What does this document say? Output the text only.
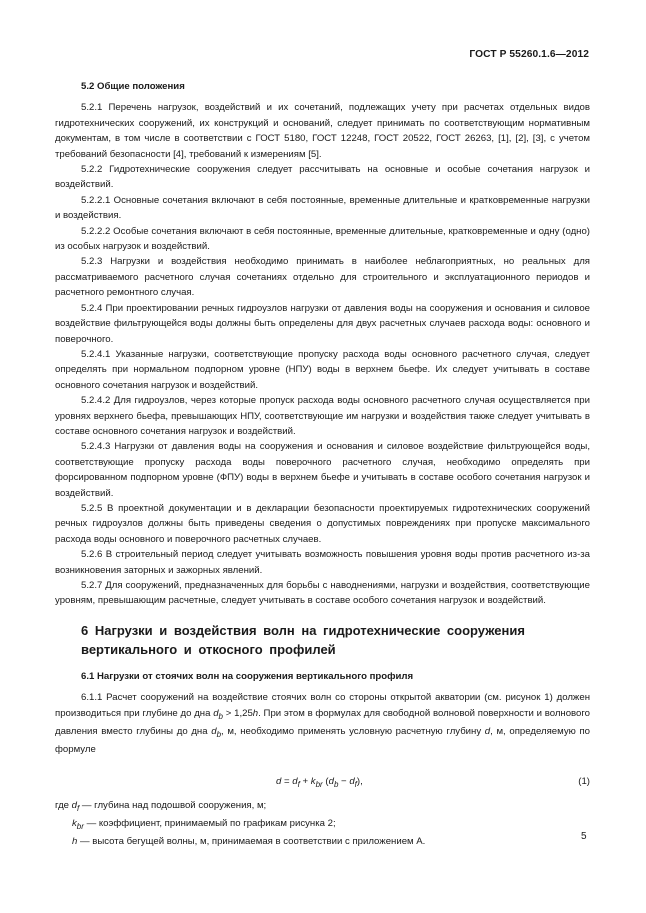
ГОСТ Р 55260.1.6—2012
5.2 Общие положения

5.2.1 Перечень нагрузок, воздействий и их сочетаний, подлежащих учету при расчетах отдельных видов гидротехнических сооружений, их конструкций и оснований, следует принимать по соответствующим нормативным документам, в том числе в соответствии с ГОСТ 5180, ГОСТ 12248, ГОСТ 20522, ГОСТ 26263, [1], [2], [3], с учетом требований безопасности [4], требований к измерениям [5].

5.2.2 Гидротехнические сооружения следует рассчитывать на основные и особые сочетания нагрузок и воздействий.

5.2.2.1 Основные сочетания включают в себя постоянные, временные длительные и кратковременные нагрузки и воздействия.

5.2.2.2 Особые сочетания включают в себя постоянные, временные длительные, кратковременные и одну (одно) из особых нагрузок и воздействий.

5.2.3 Нагрузки и воздействия необходимо принимать в наиболее неблагоприятных, но реальных для рассматриваемого расчетного случая сочетаниях отдельно для строительного и эксплуатационного периодов и расчетного ремонтного случая.

5.2.4 При проектировании речных гидроузлов нагрузки от давления воды на сооружения и основания и силовое воздействие фильтрующейся воды должны быть определены для двух расчетных случаев расхода воды: основного и поверочного.

5.2.4.1 Указанные нагрузки, соответствующие пропуску расхода воды основного расчетного случая, следует определять при нормальном подпорном уровне (НПУ) воды в верхнем бьефе. Их следует учитывать в составе основного сочетания нагрузок и воздействий.

5.2.4.2 Для гидроузлов, через которые пропуск расхода воды основного расчетного случая осуществляется при уровнях верхнего бьефа, превышающих НПУ, соответствующие им нагрузки и воздействия также следует учитывать в составе основного сочетания нагрузок и воздействий.

5.2.4.3 Нагрузки от давления воды на сооружения и основания и силовое воздействие фильтрующейся воды, соответствующие пропуску расхода воды поверочного расчетного случая, необходимо определять при форсированном подпорном уровне (ФПУ) воды в верхнем бьефе и учитывать в составе особого сочетания нагрузок и воздействий.

5.2.5 В проектной документации и в декларации безопасности проектируемых гидротехнических сооружений речных гидроузлов должны быть приведены сведения о допустимых повреждениях при пропуске максимального расхода воды основного и поверочного расчетных случаев.

5.2.6 В строительный период следует учитывать возможность повышения уровня воды против расчетного из-за возникновения заторных и зажорных явлений.

5.2.7 Для сооружений, предназначенных для борьбы с наводнениями, нагрузки и воздействия, соответствующие уровням, превышающим расчетные, следует учитывать в составе особого сочетания нагрузок и воздействий.

6 Нагрузки и воздействия волн на гидротехнические сооружения
вертикального и откосного профилей
6.1 Нагрузки от стоячих волн на сооружения вертикального профиля

6.1.1 Расчет сооружений на воздействие стоячих волн со стороны открытой акватории (см. рисунок 1) должен производиться при глубине до дна $d_b > 1,25h$. При этом в формулах для свободной волновой поверхности и волнового давления вместо глубины до дна $d_b$, м, необходимо применять условную расчетную глубину d, м, определяемую по формуле

$d = d_f + k_{br}$ $(d_b - d_f)$,	(1)

где $d_f$ — глубина над подошвой сооружения, м;

$k_{br}$ — коэффициент, принимаемый по графикам рисунка 2;

h — высота бегущей волны, м, принимаемая в соответствии с приложением А.	5
